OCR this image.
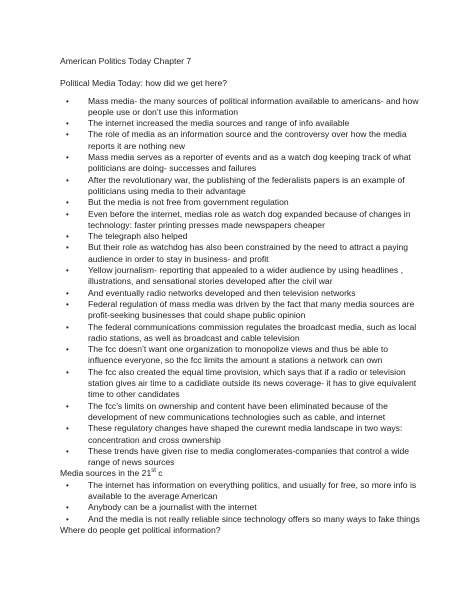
American Politics Today Chapter 7

Political Media Today: how did we get here?

• Mass media- the many sources of political information available to americans- and how people use or don’t use this information
• The internet increased the media sources and range of info available
• The role of media as an information source and the controversy over how the media reports it are nothing new
• Mass media serves as a reporter of events and as a watch dog keeping track of what politicians are doing- successes and failures
• After the revolutionary war, the publishing of the federalists papers is an example of politicians using media to their advantage
• But the media is not free from government regulation
• Even before the internet, medias role as watch dog expanded because of changes in technology: faster printing presses made newspapers cheaper
• The telegraph also helped
• But their role as watchdog has also been constrained by the need to attract a paying audience in order to stay in business- and profit
• Yellow journalism- reporting that appealed to a wider audience by using headlines , illustrations, and sensational stories developed after the civil war
• And eventually radio networks developed and then television networks
• Federal regulation of mass media was driven by the fact that many media sources are profit-seeking businesses that could shape public opinion
• The federal communications commission regulates the broadcast media, such as local radio stations, as well as broadcast and cable television
• The fcc doesn’t want one organization to monopolize views and thus be able to influence everyone, so the fcc limits the amount a stations a network can own
• The fcc also created the equal time provision, which says that if a radio or television station gives air time to a cadidiate outside its news coverage- it has to give equivalent time to other candidates
• The fcc’s limits on ownership and content have been eliminated because of the development of new communications technologies such as cable, and internet
• These regulatory changes have shaped the curewnt media landscape in two ways: concentration and cross ownership
• These trends have given rise to media conglomerates-companies that control a wide range of news sources

Media sources in the 21st c

• The internet has information on everything politics, and usually for free, so more info is available to the average American
• Anybody can be a journalist with the internet
• And the media is not really reliable since technology offers so many ways to fake things

Where do people get political information?
